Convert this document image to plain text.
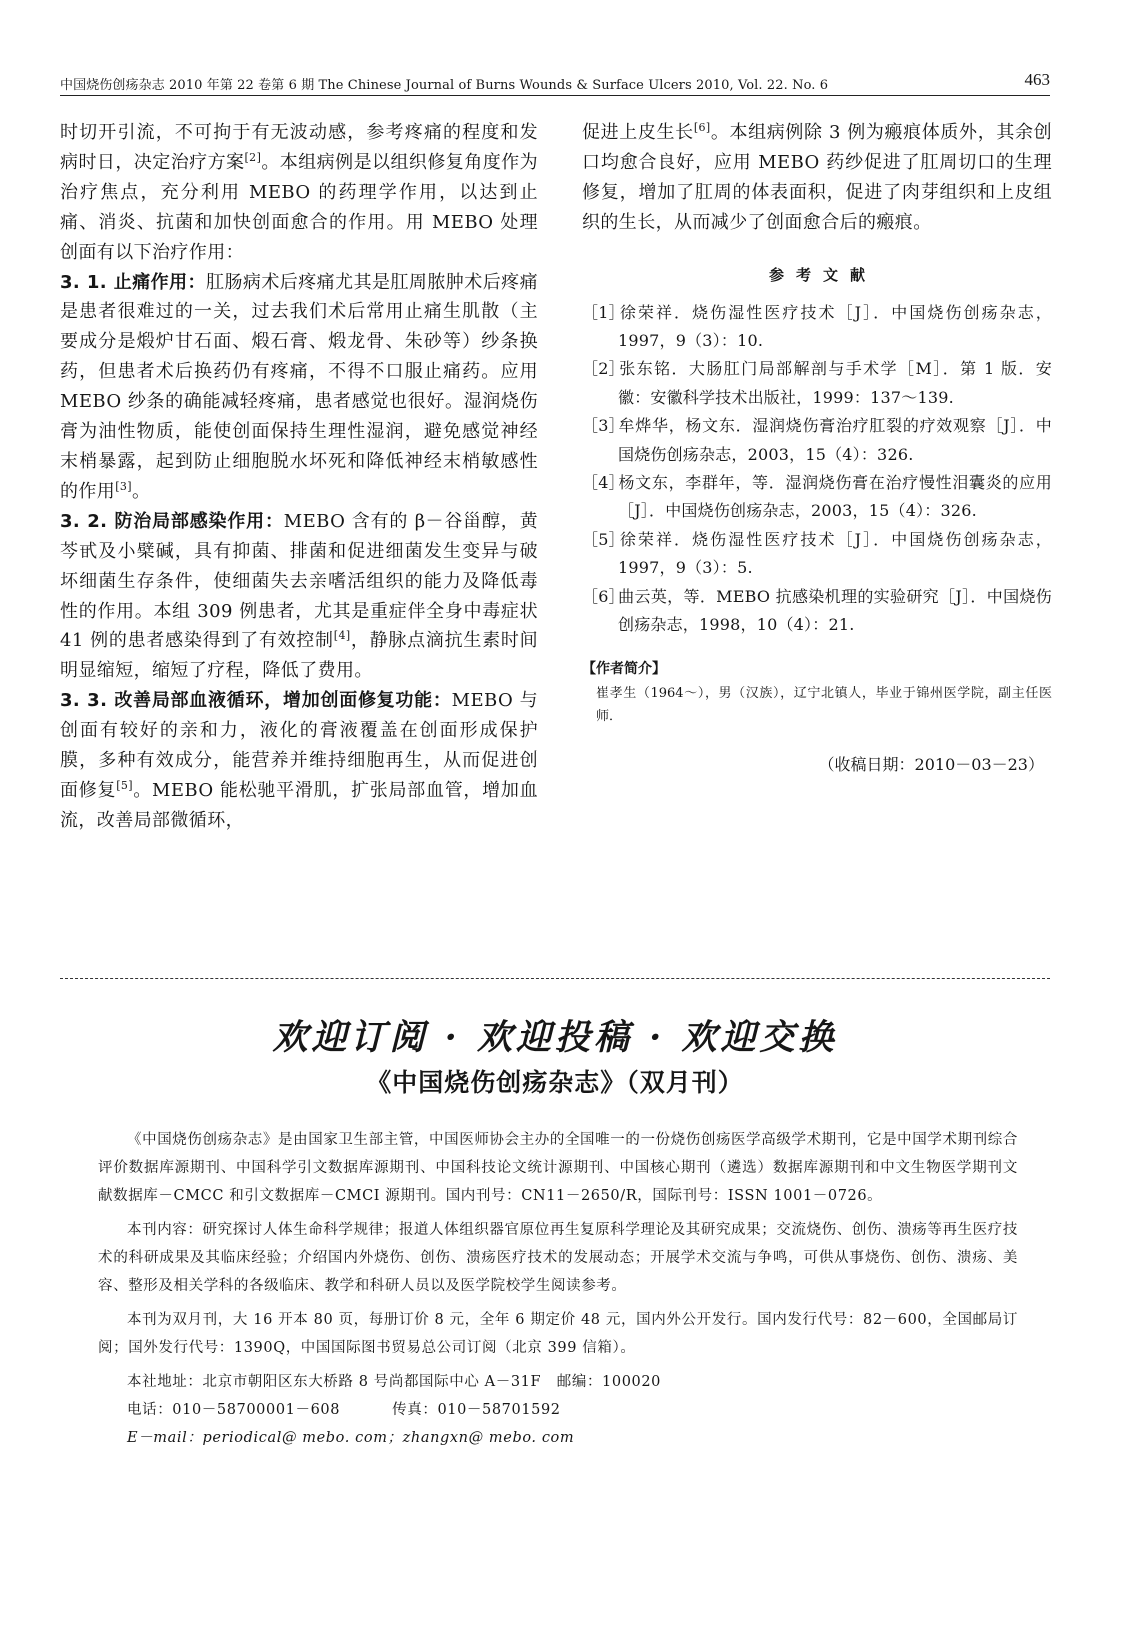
中国烧伤创疡杂志 2010 年第 22 卷第 6 期 The Chinese Journal of Burns Wounds & Surface Ulcers 2010, Vol. 22. No. 6	463

时切开引流，不可拘于有无波动感，参考疼痛的程度和发病时日，决定治疗方案[2]。本组病例是以组织修复角度作为治疗焦点，充分利用 MEBO 的药理学作用，以达到止痛、消炎、抗菌和加快创面愈合的作用。用 MEBO 处理创面有以下治疗作用：

3. 1. 止痛作用：肛肠病术后疼痛尤其是肛周脓肿术后疼痛是患者很难过的一关，过去我们术后常用止痛生肌散（主要成分是煅炉甘石面、煅石膏、煅龙骨、朱砂等）纱条换药，但患者术后换药仍有疼痛，不得不口服止痛药。应用 MEBO 纱条的确能减轻疼痛，患者感觉也很好。湿润烧伤膏为油性物质，能使创面保持生理性湿润，避免感觉神经末梢暴露，起到防止细胞脱水坏死和降低神经末梢敏感性的作用[3]。

3. 2. 防治局部感染作用：MEBO 含有的 β－谷甾醇，黄芩甙及小檗碱，具有抑菌、排菌和促进细菌发生变异与破坏细菌生存条件，使细菌失去亲嗜活组织的能力及降低毒性的作用。本组 309 例患者，尤其是重症伴全身中毒症状 41 例的患者感染得到了有效控制[4]，静脉点滴抗生素时间明显缩短，缩短了疗程，降低了费用。

3. 3. 改善局部血液循环，增加创面修复功能：MEBO 与创面有较好的亲和力，液化的膏液覆盖在创面形成保护膜，多种有效成分，能营养并维持细胞再生，从而促进创面修复[5]。MEBO 能松驰平滑肌，扩张局部血管，增加血流，改善局部微循环，

促进上皮生长[6]。本组病例除 3 例为瘢痕体质外，其余创口均愈合良好，应用 MEBO 药纱促进了肛周切口的生理修复，增加了肛周的体表面积，促进了肉芽组织和上皮组织的生长，从而减少了创面愈合后的瘢痕。

参考文献
［1］徐荣祥．烧伤湿性医疗技术［J］．中国烧伤创疡杂志，1997，9（3）：10.
［2］张东铭．大肠肛门局部解剖与手术学［M］．第 1 版．安徽：安徽科学技术出版社，1999：137～139.
［3］牟烨华，杨文东．湿润烧伤膏治疗肛裂的疗效观察［J］．中国烧伤创疡杂志，2003，15（4）：326.
［4］杨文东，李群年，等．湿润烧伤膏在治疗慢性泪囊炎的应用［J］．中国烧伤创疡杂志，2003，15（4）：326.
［5］徐荣祥．烧伤湿性医疗技术［J］．中国烧伤创疡杂志，1997，9（3）：5.
［6］曲云英，等．MEBO 抗感染机理的实验研究［J］．中国烧伤创疡杂志，1998，10（4）：21.
【作者简介】
崔孝生（1964～），男（汉族），辽宁北镇人，毕业于锦州医学院，副主任医师．
（收稿日期：2010－03－23）
欢迎订阅 · 欢迎投稿 · 欢迎交换
《中国烧伤创疡杂志》（双月刊）

《中国烧伤创疡杂志》是由国家卫生部主管，中国医师协会主办的全国唯一的一份烧伤创疡医学高级学术期刊，它是中国学术期刊综合评价数据库源期刊、中国科学引文数据库源期刊、中国科技论文统计源期刊、中国核心期刊（遴选）数据库源期刊和中文生物医学期刊文献数据库－CMCC 和引文数据库－CMCI 源期刊。国内刊号：CN11－2650/R，国际刊号：ISSN 1001－0726。

本刊内容：研究探讨人体生命科学规律；报道人体组织器官原位再生复原科学理论及其研究成果；交流烧伤、创伤、溃疡等再生医疗技术的科研成果及其临床经验；介绍国内外烧伤、创伤、溃疡医疗技术的发展动态；开展学术交流与争鸣，可供从事烧伤、创伤、溃疡、美容、整形及相关学科的各级临床、教学和科研人员以及医学院校学生阅读参考。

本刊为双月刊，大 16 开本 80 页，每册订价 8 元，全年 6 期定价 48 元，国内外公开发行。国内发行代号：82－600，全国邮局订阅；国外发行代号：1390Q，中国国际图书贸易总公司订阅（北京 399 信箱）。

本社地址：北京市朝阳区东大桥路 8 号尚都国际中心 A－31F   邮编：100020
电话：010－58700001－608          传真：010－58701592
E－mail：periodical@ mebo. com；zhangxn@ mebo. com
